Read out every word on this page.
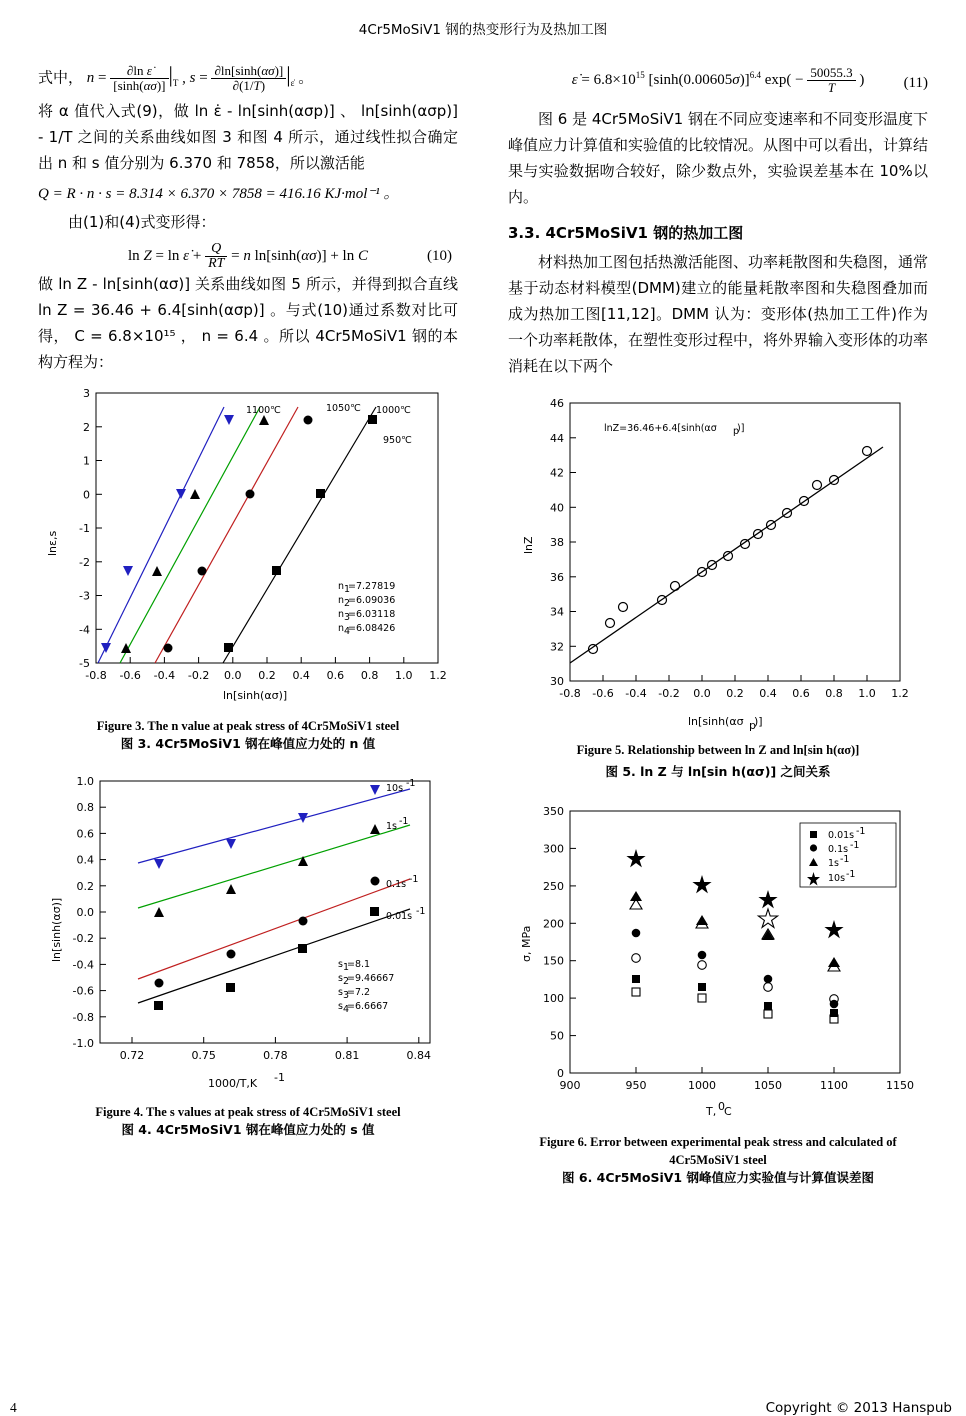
4Cr5MoSiV1 钢的热变形行为及热加工图
式中， $n = \frac{\text{∂ln ε̇}}{[\sinh(\alpha\sigma)]} |_T$ , $s = \frac{\partial\ln[\sinh(\alpha\sigma)]}{\partial(1/T)} |_{\varepsiloṅ}$ 。

将 α 值代入式(9)，做 ln ε̇ - ln[sinh(ασp)] 、 ln[sinh(ασp)] - 1/T 之间的关系曲线如图 3 和图 4 所示，通过线性拟合确定出 n 和 s 值分别为 6.370 和 7858，所以激活能

Q = R · n · s = 8.314 × 6.370 × 7858 = 416.16 KJ·mol⁻¹ 。

由(1)和(4)式变形得：

ln Z = ln ε̇ + $\frac{Q}{RT} = n$ ln[sinh(ασ)] + ln C	(10)

做 ln Z - ln[sinh(ασ)] 关系曲线如图 5 所示，并得到拟合直线 ln Z = 36.46 + 6.4[sinh(ασp)] 。与式(10)通过系数对比可得， C = 6.8×10¹⁵ ， n = 6.4 。所以 4Cr5MoSiV1 钢的本构方程为：

ln
ε,s
ln[sinh(ασ)]
-0.8 -0.6 -0.4 -0.2 0.0 0.2 0.4 0.6 0.8 1.0 1.2
3
2
1
0
-1
-2
-3
-4
-5
1100℃	1050℃ 1000℃
950℃
n 1
=7.27819
n 2
=6.09036
n 3
=6.03118
n 4
=6.08426
Figure 3. The n value at peak stress of 4Cr5MoSiV1 steel
图 3. 4Cr5MoSiV1 钢在峰值应力处的 n 值
ln[sinh(ασ)]
1000/T,K -1
0.72	0.75	0.78	0.81	0.84
1.0
0.8
0.6
0.4
0.2
0.0
-0.2
-0.4
-0.6
-0.8
-1.0
10s -1
1s -1
0.1s -1
0.01s -1
s 1
=8.1
s 2
=9.46667
s 3
=7.2
s 4
=6.6667
Figure 4. The s values at peak stress of 4Cr5MoSiV1 steel
图 4. 4Cr5MoSiV1 钢在峰值应力处的 s 值
ε̇ = $6.8\times 10^{15}$ $[\sinh(0.00605\sigma)]^{6.4}$ $\exp( - \frac{50055.3}{T}$ )	(11)

图 6 是 4Cr5MoSiV1 钢在不同应变速率和不同变形温度下峰值应力计算值和实验值的比较情况。从图中可以看出，计算结果与实验数据吻合较好，除少数点外，实验误差基本在 10%以内。

3.3. 4Cr5MoSiV1 钢的热加工图

材料热加工图包括热激活能图、功率耗散图和失稳图，通常基于动态材料模型(DMM)建立的能量耗散率图和失稳图叠加而成为热加工图[11,12]。DMM 认为：变形体(热加工工件)作为一个功率耗散体，在塑性变形过程中，将外界输入变形体的功率消耗在以下两个

lnZ
ln[sinh(ασ p
)]
lnZ=36.46+6.4[sinh(ασ p
)]
-0.8 -0.6 -0.4 -0.2 0.0 0.2 0.4 0.6 0.8 1.0 1.2
46
44
42
40
38
36
34
32
30
Figure 5. Relationship between ln Z and ln[sin h(ασ)]
图 5. ln Z 与 ln[sin h(ασ)] 之间关系
σ, MPa
T, 0 C
900	950	1000	1050	1100	1150
350
300
250
200
150
100
50
0
0.01s -1
0.1s -1
1s -1
10s -1
Figure 6. Error between experimental peak stress and calculated of 4Cr5MoSiV1 steel
图 6. 4Cr5MoSiV1 钢峰值应力实验值与计算值误差图
4	Copyright © 2013 Hanspub
